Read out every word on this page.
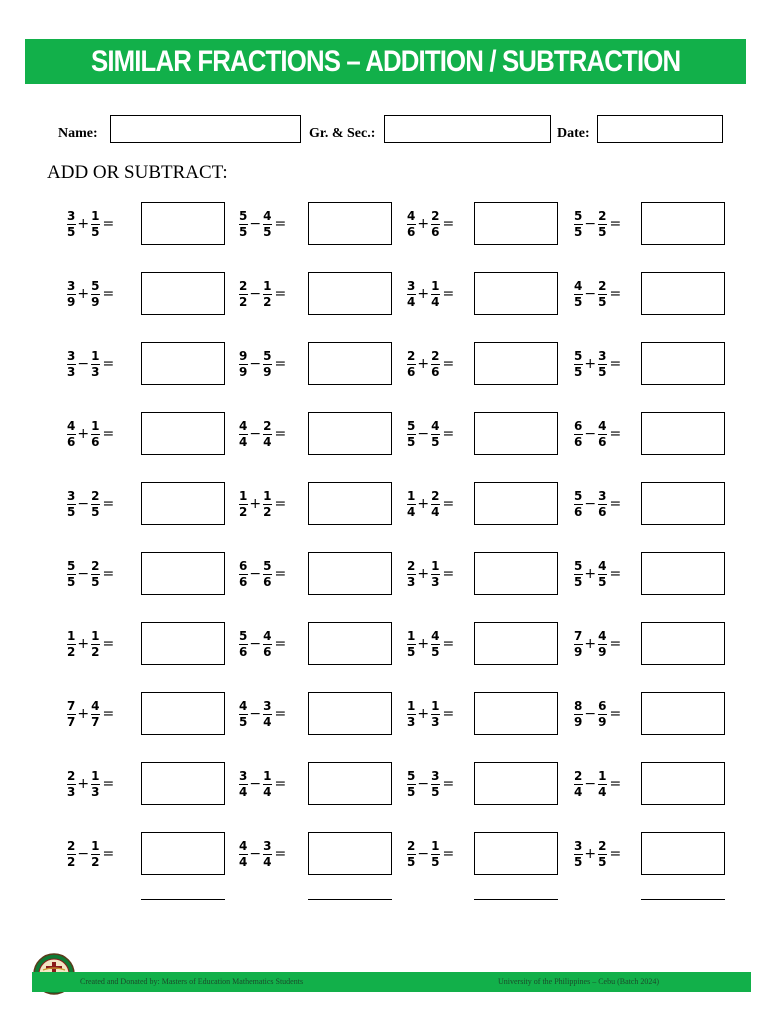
SIMILAR FRACTIONS – ADDITION / SUBTRACTION
Name:	Gr. & Sec.:	Date:
ADD OR SUBTRACT:
$\frac{3}{5} + \frac{1}{5}$ =	$\frac{5}{5} - \frac{4}{5}$ =	$\frac{4}{6} + \frac{2}{6}$ =	$\frac{5}{5} - \frac{2}{5}$ =
$\frac{3}{9} + \frac{5}{9}$ =	$\frac{2}{2} - \frac{1}{2}$ =	$\frac{3}{4} + \frac{1}{4}$ =	$\frac{4}{5} - \frac{2}{5}$ =
$\frac{3}{3} - \frac{1}{3}$ =	$\frac{9}{9} - \frac{5}{9}$ =	$\frac{2}{6} + \frac{2}{6}$ =	$\frac{5}{5} + \frac{3}{5}$ =
$\frac{4}{6} + \frac{1}{6}$ =	$\frac{4}{4} - \frac{2}{4}$ =	$\frac{5}{5} - \frac{4}{5}$ =	$\frac{6}{6} - \frac{4}{6}$ =
$\frac{3}{5} - \frac{2}{5}$ =	$\frac{1}{2} + \frac{1}{2}$ =	$\frac{1}{4} + \frac{2}{4}$ =	$\frac{5}{6} - \frac{3}{6}$ =
$\frac{5}{5} - \frac{2}{5}$ =	$\frac{6}{6} - \frac{5}{6}$ =	$\frac{2}{3} + \frac{1}{3}$ =	$\frac{5}{5} + \frac{4}{5}$ =
$\frac{1}{2} + \frac{1}{2}$ =	$\frac{5}{6} - \frac{4}{6}$ =	$\frac{1}{5} + \frac{4}{5}$ =	$\frac{7}{9} + \frac{4}{9}$ =
$\frac{7}{7} + \frac{4}{7}$ =	$\frac{4}{5} - \frac{3}{4}$ =	$\frac{1}{3} + \frac{1}{3}$ =	$\frac{8}{9} - \frac{6}{9}$ =
$\frac{2}{3} + \frac{1}{3}$ =	$\frac{3}{4} - \frac{1}{4}$ =	$\frac{5}{5} - \frac{3}{5}$ =	$\frac{2}{4} - \frac{1}{4}$ =
$\frac{2}{2} - \frac{1}{2}$ =	$\frac{4}{4} - \frac{3}{4}$ =	$\frac{2}{5} - \frac{1}{5}$ =	$\frac{3}{5} + \frac{2}{5}$ =
Created and Donated by: Masters of Education Mathematics Students	University of the Philippines – Cebu (Batch 2024)
